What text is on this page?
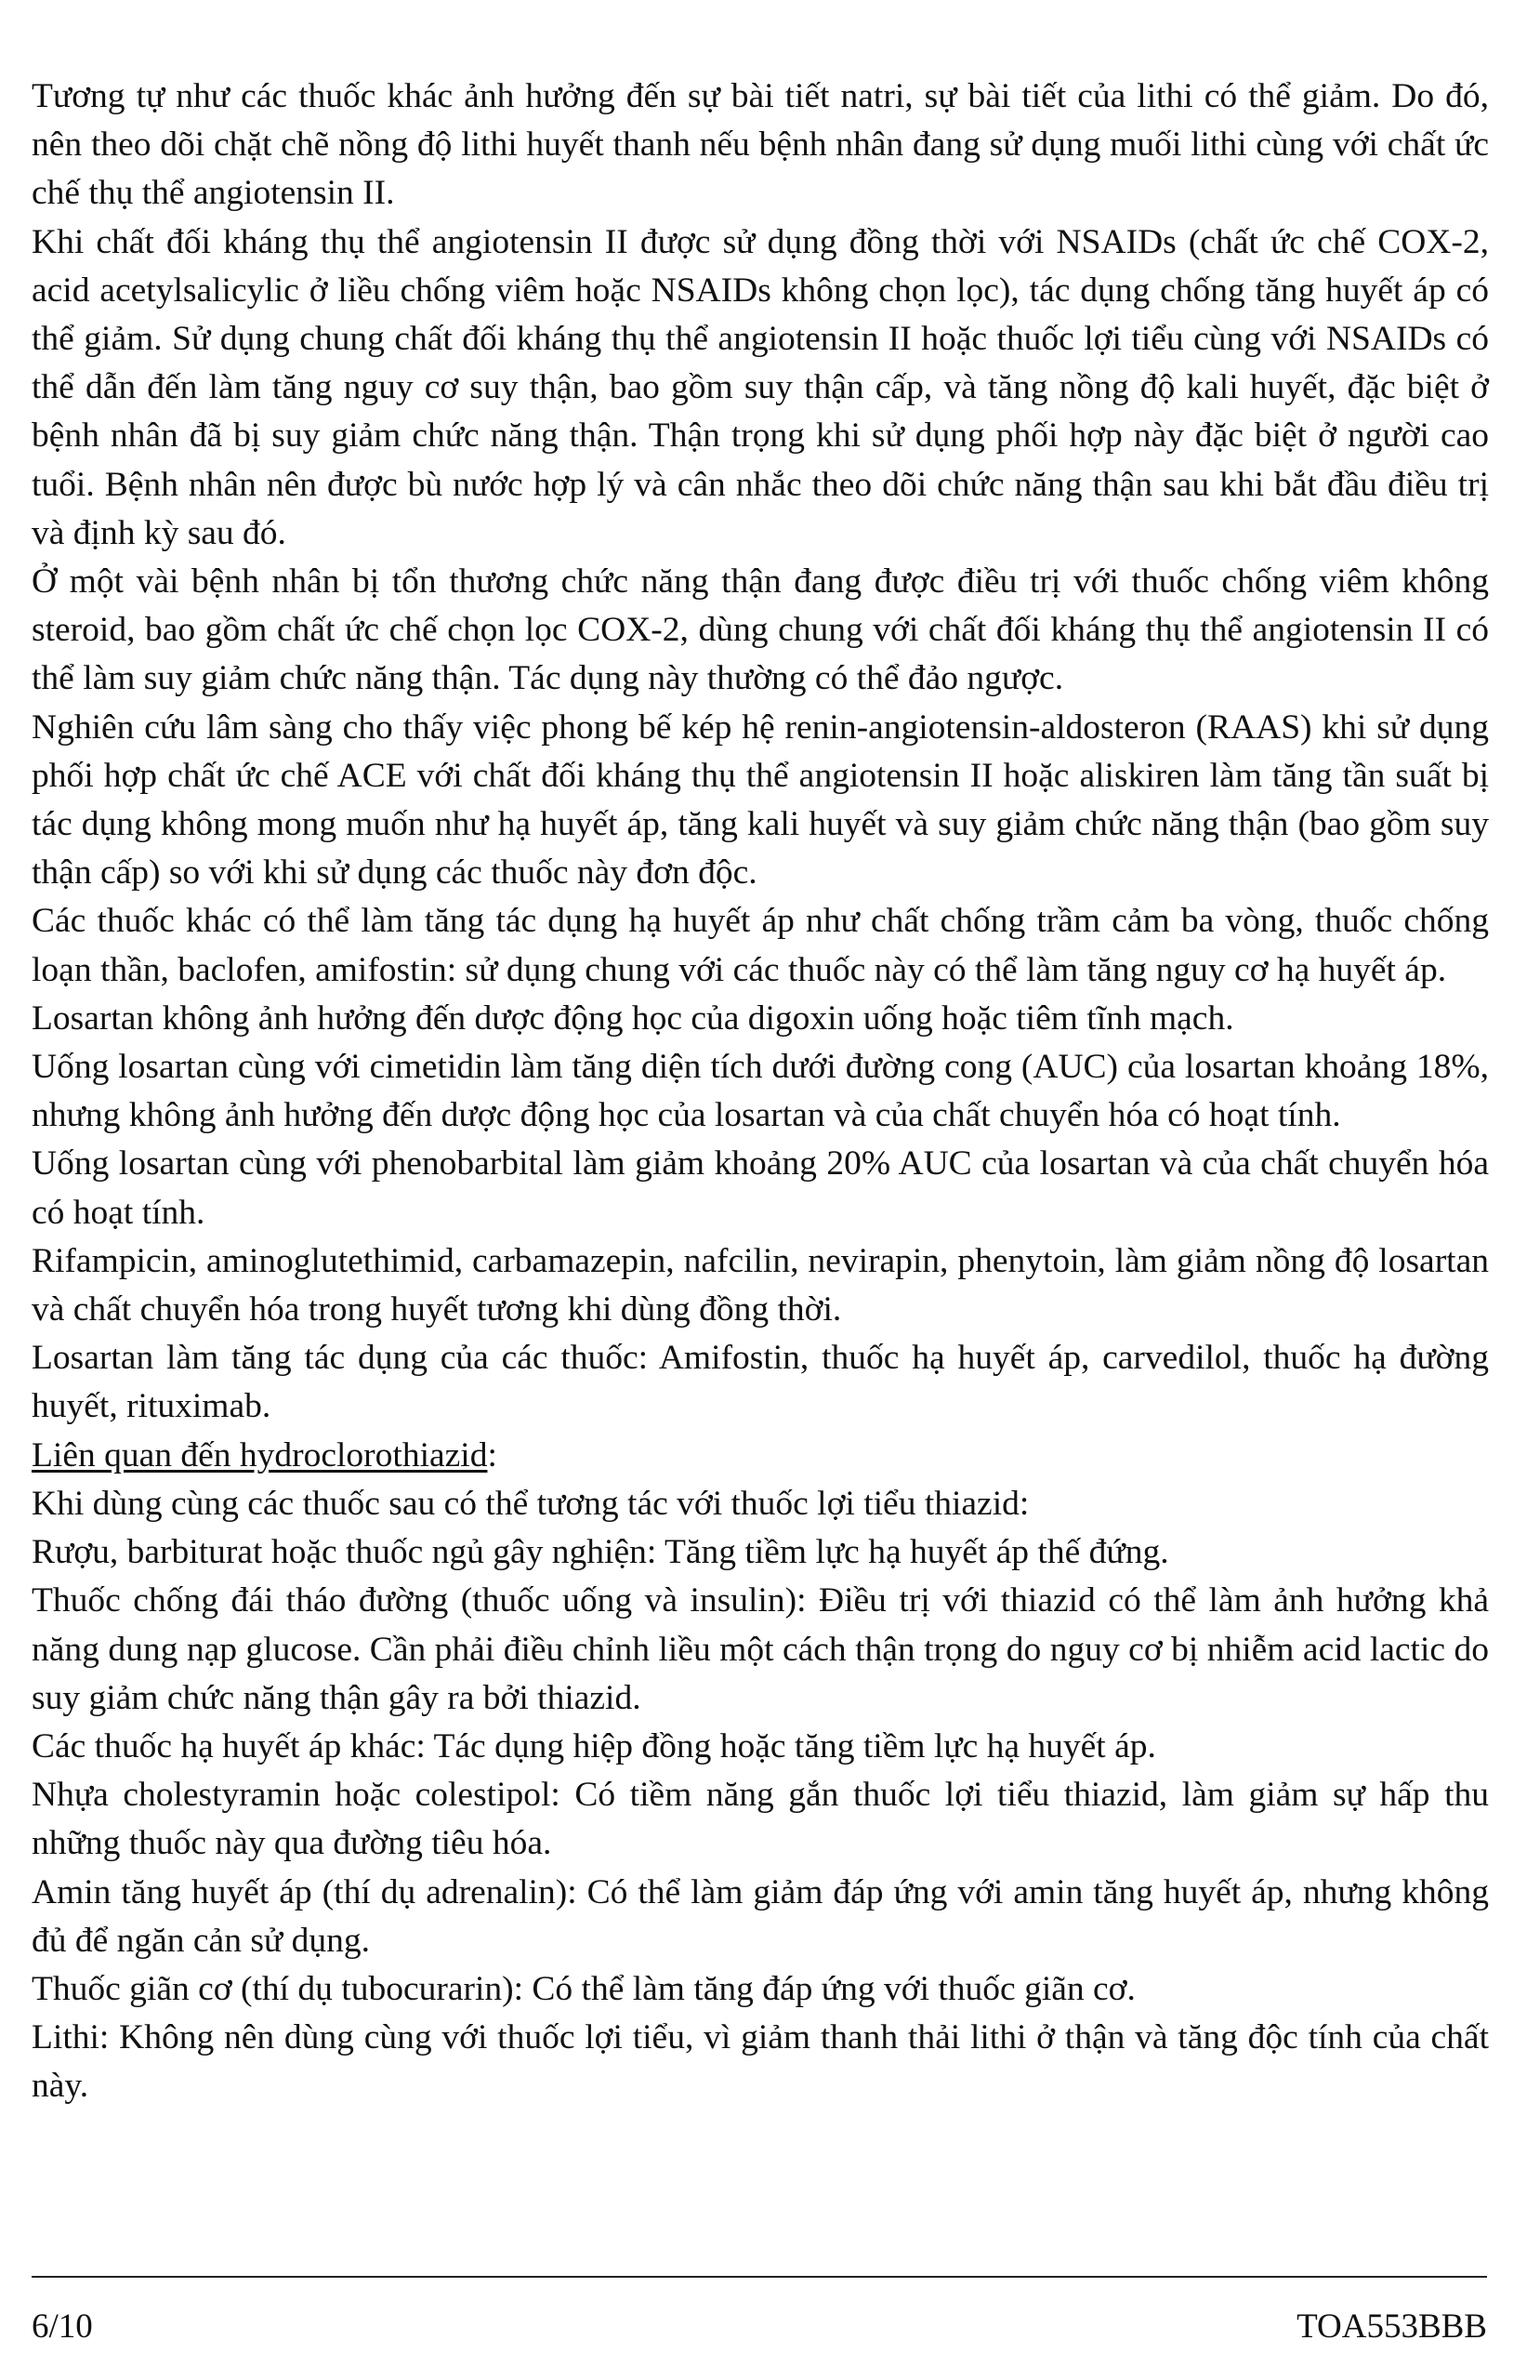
Tương tự như các thuốc khác ảnh hưởng đến sự bài tiết natri, sự bài tiết của lithi có thể giảm. Do đó, nên theo dõi chặt chẽ nồng độ lithi huyết thanh nếu bệnh nhân đang sử dụng muối lithi cùng với chất ức chế thụ thể angiotensin II.

Khi chất đối kháng thụ thể angiotensin II được sử dụng đồng thời với NSAIDs (chất ức chế COX-2, acid acetylsalicylic ở liều chống viêm hoặc NSAIDs không chọn lọc), tác dụng chống tăng huyết áp có thể giảm. Sử dụng chung chất đối kháng thụ thể angiotensin II hoặc thuốc lợi tiểu cùng với NSAIDs có thể dẫn đến làm tăng nguy cơ suy thận, bao gồm suy thận cấp, và tăng nồng độ kali huyết, đặc biệt ở bệnh nhân đã bị suy giảm chức năng thận. Thận trọng khi sử dụng phối hợp này đặc biệt ở người cao tuổi. Bệnh nhân nên được bù nước hợp lý và cân nhắc theo dõi chức năng thận sau khi bắt đầu điều trị và định kỳ sau đó.

Ở một vài bệnh nhân bị tổn thương chức năng thận đang được điều trị với thuốc chống viêm không steroid, bao gồm chất ức chế chọn lọc COX-2, dùng chung với chất đối kháng thụ thể angiotensin II có thể làm suy giảm chức năng thận. Tác dụng này thường có thể đảo ngược.

Nghiên cứu lâm sàng cho thấy việc phong bế kép hệ renin-angiotensin-aldosteron (RAAS) khi sử dụng phối hợp chất ức chế ACE với chất đối kháng thụ thể angiotensin II hoặc aliskiren làm tăng tần suất bị tác dụng không mong muốn như hạ huyết áp, tăng kali huyết và suy giảm chức năng thận (bao gồm suy thận cấp) so với khi sử dụng các thuốc này đơn độc.

Các thuốc khác có thể làm tăng tác dụng hạ huyết áp như chất chống trầm cảm ba vòng, thuốc chống loạn thần, baclofen, amifostin: sử dụng chung với các thuốc này có thể làm tăng nguy cơ hạ huyết áp.

Losartan không ảnh hưởng đến dược động học của digoxin uống hoặc tiêm tĩnh mạch.

Uống losartan cùng với cimetidin làm tăng diện tích dưới đường cong (AUC) của losartan khoảng 18%, nhưng không ảnh hưởng đến dược động học của losartan và của chất chuyển hóa có hoạt tính.

Uống losartan cùng với phenobarbital làm giảm khoảng 20% AUC của losartan và của chất chuyển hóa có hoạt tính.

Rifampicin, aminoglutethimid, carbamazepin, nafcilin, nevirapin, phenytoin, làm giảm nồng độ losartan và chất chuyển hóa trong huyết tương khi dùng đồng thời.

Losartan làm tăng tác dụng của các thuốc: Amifostin, thuốc hạ huyết áp, carvedilol, thuốc hạ đường huyết, rituximab.

Liên quan đến hydroclorothiazid:

Khi dùng cùng các thuốc sau có thể tương tác với thuốc lợi tiểu thiazid:

Rượu, barbiturat hoặc thuốc ngủ gây nghiện: Tăng tiềm lực hạ huyết áp thế đứng.

Thuốc chống đái tháo đường (thuốc uống và insulin): Điều trị với thiazid có thể làm ảnh hưởng khả năng dung nạp glucose. Cần phải điều chỉnh liều một cách thận trọng do nguy cơ bị nhiễm acid lactic do suy giảm chức năng thận gây ra bởi thiazid.

Các thuốc hạ huyết áp khác: Tác dụng hiệp đồng hoặc tăng tiềm lực hạ huyết áp.

Nhựa cholestyramin hoặc colestipol: Có tiềm năng gắn thuốc lợi tiểu thiazid, làm giảm sự hấp thu những thuốc này qua đường tiêu hóa.

Amin tăng huyết áp (thí dụ adrenalin): Có thể làm giảm đáp ứng với amin tăng huyết áp, nhưng không đủ để ngăn cản sử dụng.

Thuốc giãn cơ (thí dụ tubocurarin): Có thể làm tăng đáp ứng với thuốc giãn cơ.

Lithi: Không nên dùng cùng với thuốc lợi tiểu, vì giảm thanh thải lithi ở thận và tăng độc tính của chất này.

6/10	TOA553BBB
